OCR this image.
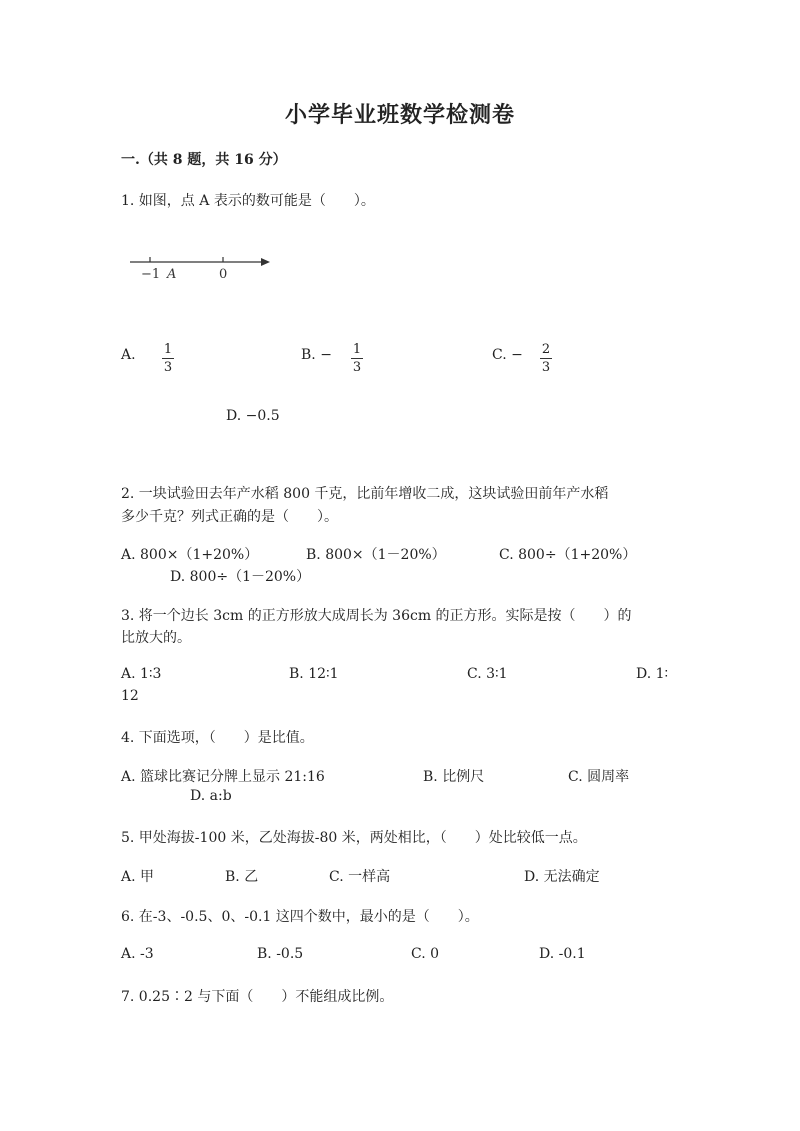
小学毕业班数学检测卷
一.（共 8 题，共 16 分）
1. 如图，点 A 表示的数可能是（　　）。
−1 A	0
A. 1
3
B. − 1
3
C. − 2
3
D. −0.5
2. 一块试验田去年产水稻 800 千克，比前年增收二成，这块试验田前年产水稻
多少千克？列式正确的是（　　）。
A. 800×（1+20%）	B. 800×（1－20%）	C. 800÷（1+20%）
D. 800÷（1－20%）
3. 将一个边长 3cm 的正方形放大成周长为 36cm 的正方形。实际是按（　　）的
比放大的。
A. 1∶3	B. 12∶1	C. 3∶1	D. 1∶
12
4. 下面选项，（　　）是比值。
A. 篮球比赛记分牌上显示 21:16	B. 比例尺	C. 圆周率
D. a:b
5. 甲处海拔-100 米，乙处海拔-80 米，两处相比，（　　）处比较低一点。
A. 甲	B. 乙	C. 一样高	D. 无法确定
6. 在-3、-0.5、0、-0.1 这四个数中，最小的是（　　）。
A. -3	B. -0.5	C. 0	D. -0.1
7. 0.25∶2 与下面（　　）不能组成比例。
